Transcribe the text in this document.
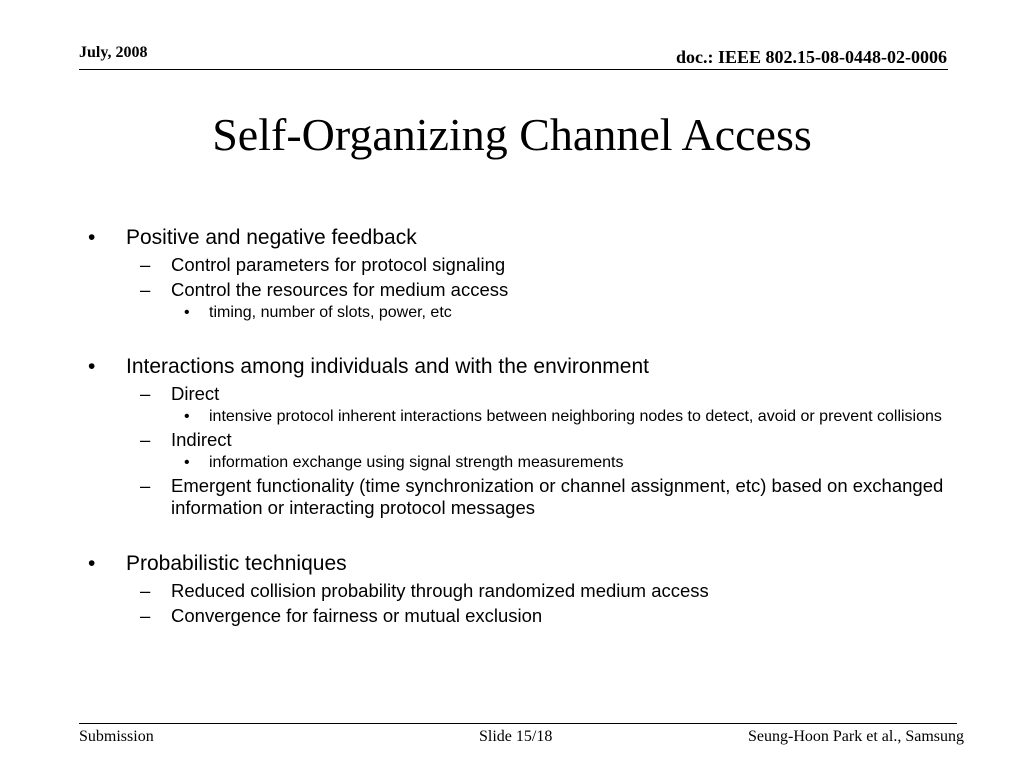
July, 2008	doc.: IEEE 802.15-08-0448-02-0006
Self-Organizing Channel Access
• Positive and negative feedback
– Control parameters for protocol signaling
– Control the resources for medium access
• timing, number of slots, power, etc
• Interactions among individuals and with the environment
– Direct
• intensive protocol inherent interactions between neighboring nodes to detect, avoid or prevent collisions
– Indirect
• information exchange using signal strength measurements
– Emergent functionality (time synchronization or channel assignment, etc) based on exchanged information or interacting protocol messages
• Probabilistic techniques
– Reduced collision probability through randomized medium access
– Convergence for fairness or mutual exclusion
Submission	Slide 15/18	Seung-Hoon Park et al., Samsung
